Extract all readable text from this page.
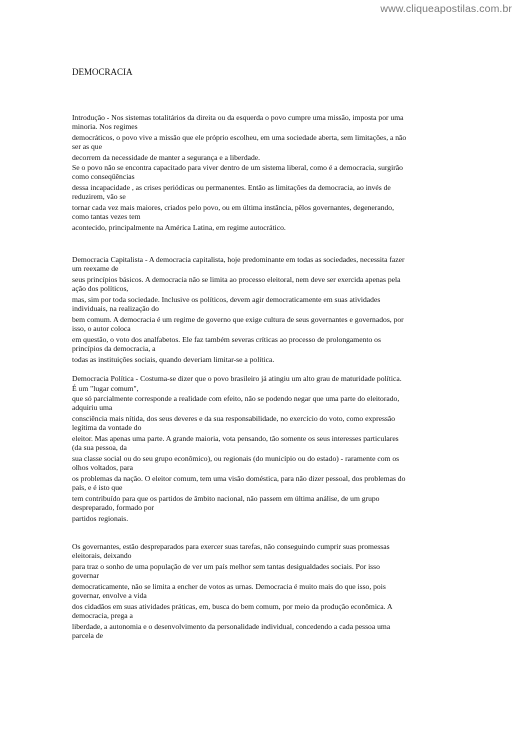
www.cliqueapostilas.com.br
DEMOCRACIA
Introdução - Nos sistemas totalitários da direita ou da esquerda o povo cumpre uma missão, imposta por uma
minoria. Nos regimes
democráticos, o povo vive a missão que ele próprio escolheu, em uma sociedade aberta, sem limitações, a não
ser as que
decorrem da necessidade de manter a segurança e a liberdade.
Se o povo não se encontra capacitado para viver dentro de um sistema liberal, como é a democracia, surgirão
como conseqüências
dessa incapacidade , as crises periódicas ou permanentes. Então as limitações da democracia, ao invés de
reduzirem, vão se
tornar cada vez mais maiores, criados pelo povo, ou em última instância, pêlos governantes, degenerando,
como tantas vezes tem
acontecido, principalmente na América Latina, em regime autocrático.
Democracia Capitalista - A democracia capitalista, hoje predominante em todas as sociedades, necessita fazer
um reexame de
seus princípios básicos. A democracia não se limita ao processo eleitoral, nem deve ser exercida apenas pela
ação dos políticos,
mas, sim por toda sociedade. Inclusive os políticos, devem agir democraticamente em suas atividades
individuais, na realização do
bem comum. A democracia é um regime de governo que exige cultura de seus governantes e governados, por
isso, o autor coloca
em questão, o voto dos analfabetos. Ele faz também severas críticas ao processo de prolongamento os
princípios da democracia, a
todas as instituições sociais, quando deveriam limitar-se a política.
Democracia Política - Costuma-se dizer que o povo brasileiro já atingiu um alto grau de maturidade política.
É um "lugar comum",
que só parcialmente corresponde a realidade com efeito, não se podendo negar que uma parte do eleitorado,
adquiriu uma
consciência mais nítida, dos seus deveres e da sua responsabilidade, no exercício do voto, como expressão
legítima da vontade do
eleitor. Mas apenas uma parte. A grande maioria, vota pensando, tão somente os seus interesses particulares
(da sua pessoa, da
sua classe social ou do seu grupo econômico), ou regionais (do município ou do estado) - raramente com os
olhos voltados, para
os problemas da nação. O eleitor comum, tem uma visão doméstica, para não dizer pessoal, dos problemas do
país, e é isto que
tem contribuído para que os partidos de âmbito nacional, não passem em última análise, de um grupo
despreparado, formado por
partidos regionais.
Os governantes, estão despreparados para exercer suas tarefas, não conseguindo cumprir suas promessas
eleitorais, deixando
para traz o sonho de uma população de ver um país melhor sem tantas desigualdades sociais. Por isso
governar
democraticamente, não se limita a encher de votos as urnas. Democracia é muito mais do que isso, pois
governar, envolve a vida
dos cidadãos em suas atividades práticas, em, busca do bem comum, por meio da produção econômica. A
democracia, prega a
liberdade, a autonomia e o desenvolvimento da personalidade individual, concedendo a cada pessoa uma
parcela de
